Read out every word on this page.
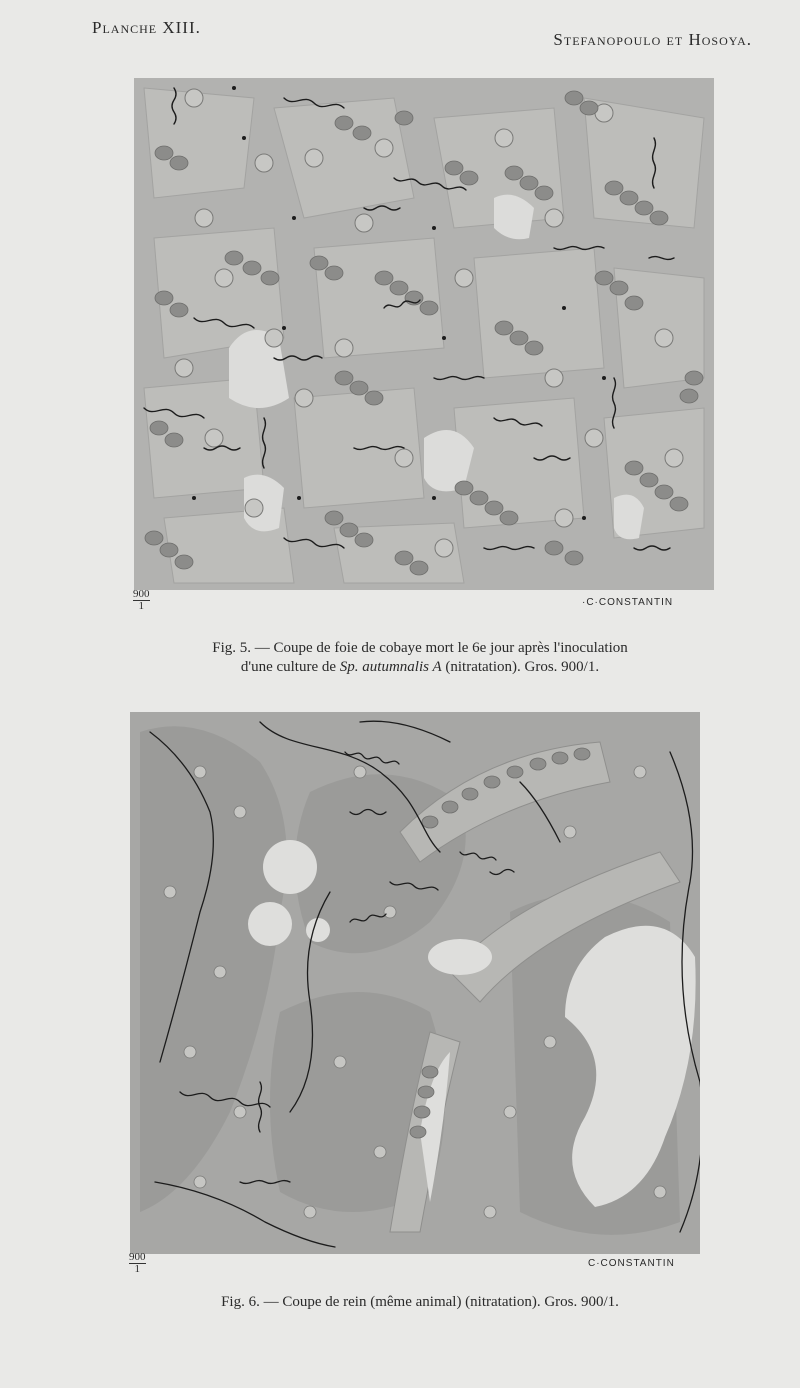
Planche XIII.
Stefanopoulo et Hosoya.
$\frac{900}{1}$	·C·CONSTANTIN
Fig. 5. — Coupe de foie de cobaye mort le 6e jour après l'inoculation
d'une culture de Sp. autumnalis A (nitratation). Gros. 900/1.
$\frac{900}{1}$	C·CONSTANTIN
Fig. 6. — Coupe de rein (même animal) (nitratation). Gros. 900/1.
